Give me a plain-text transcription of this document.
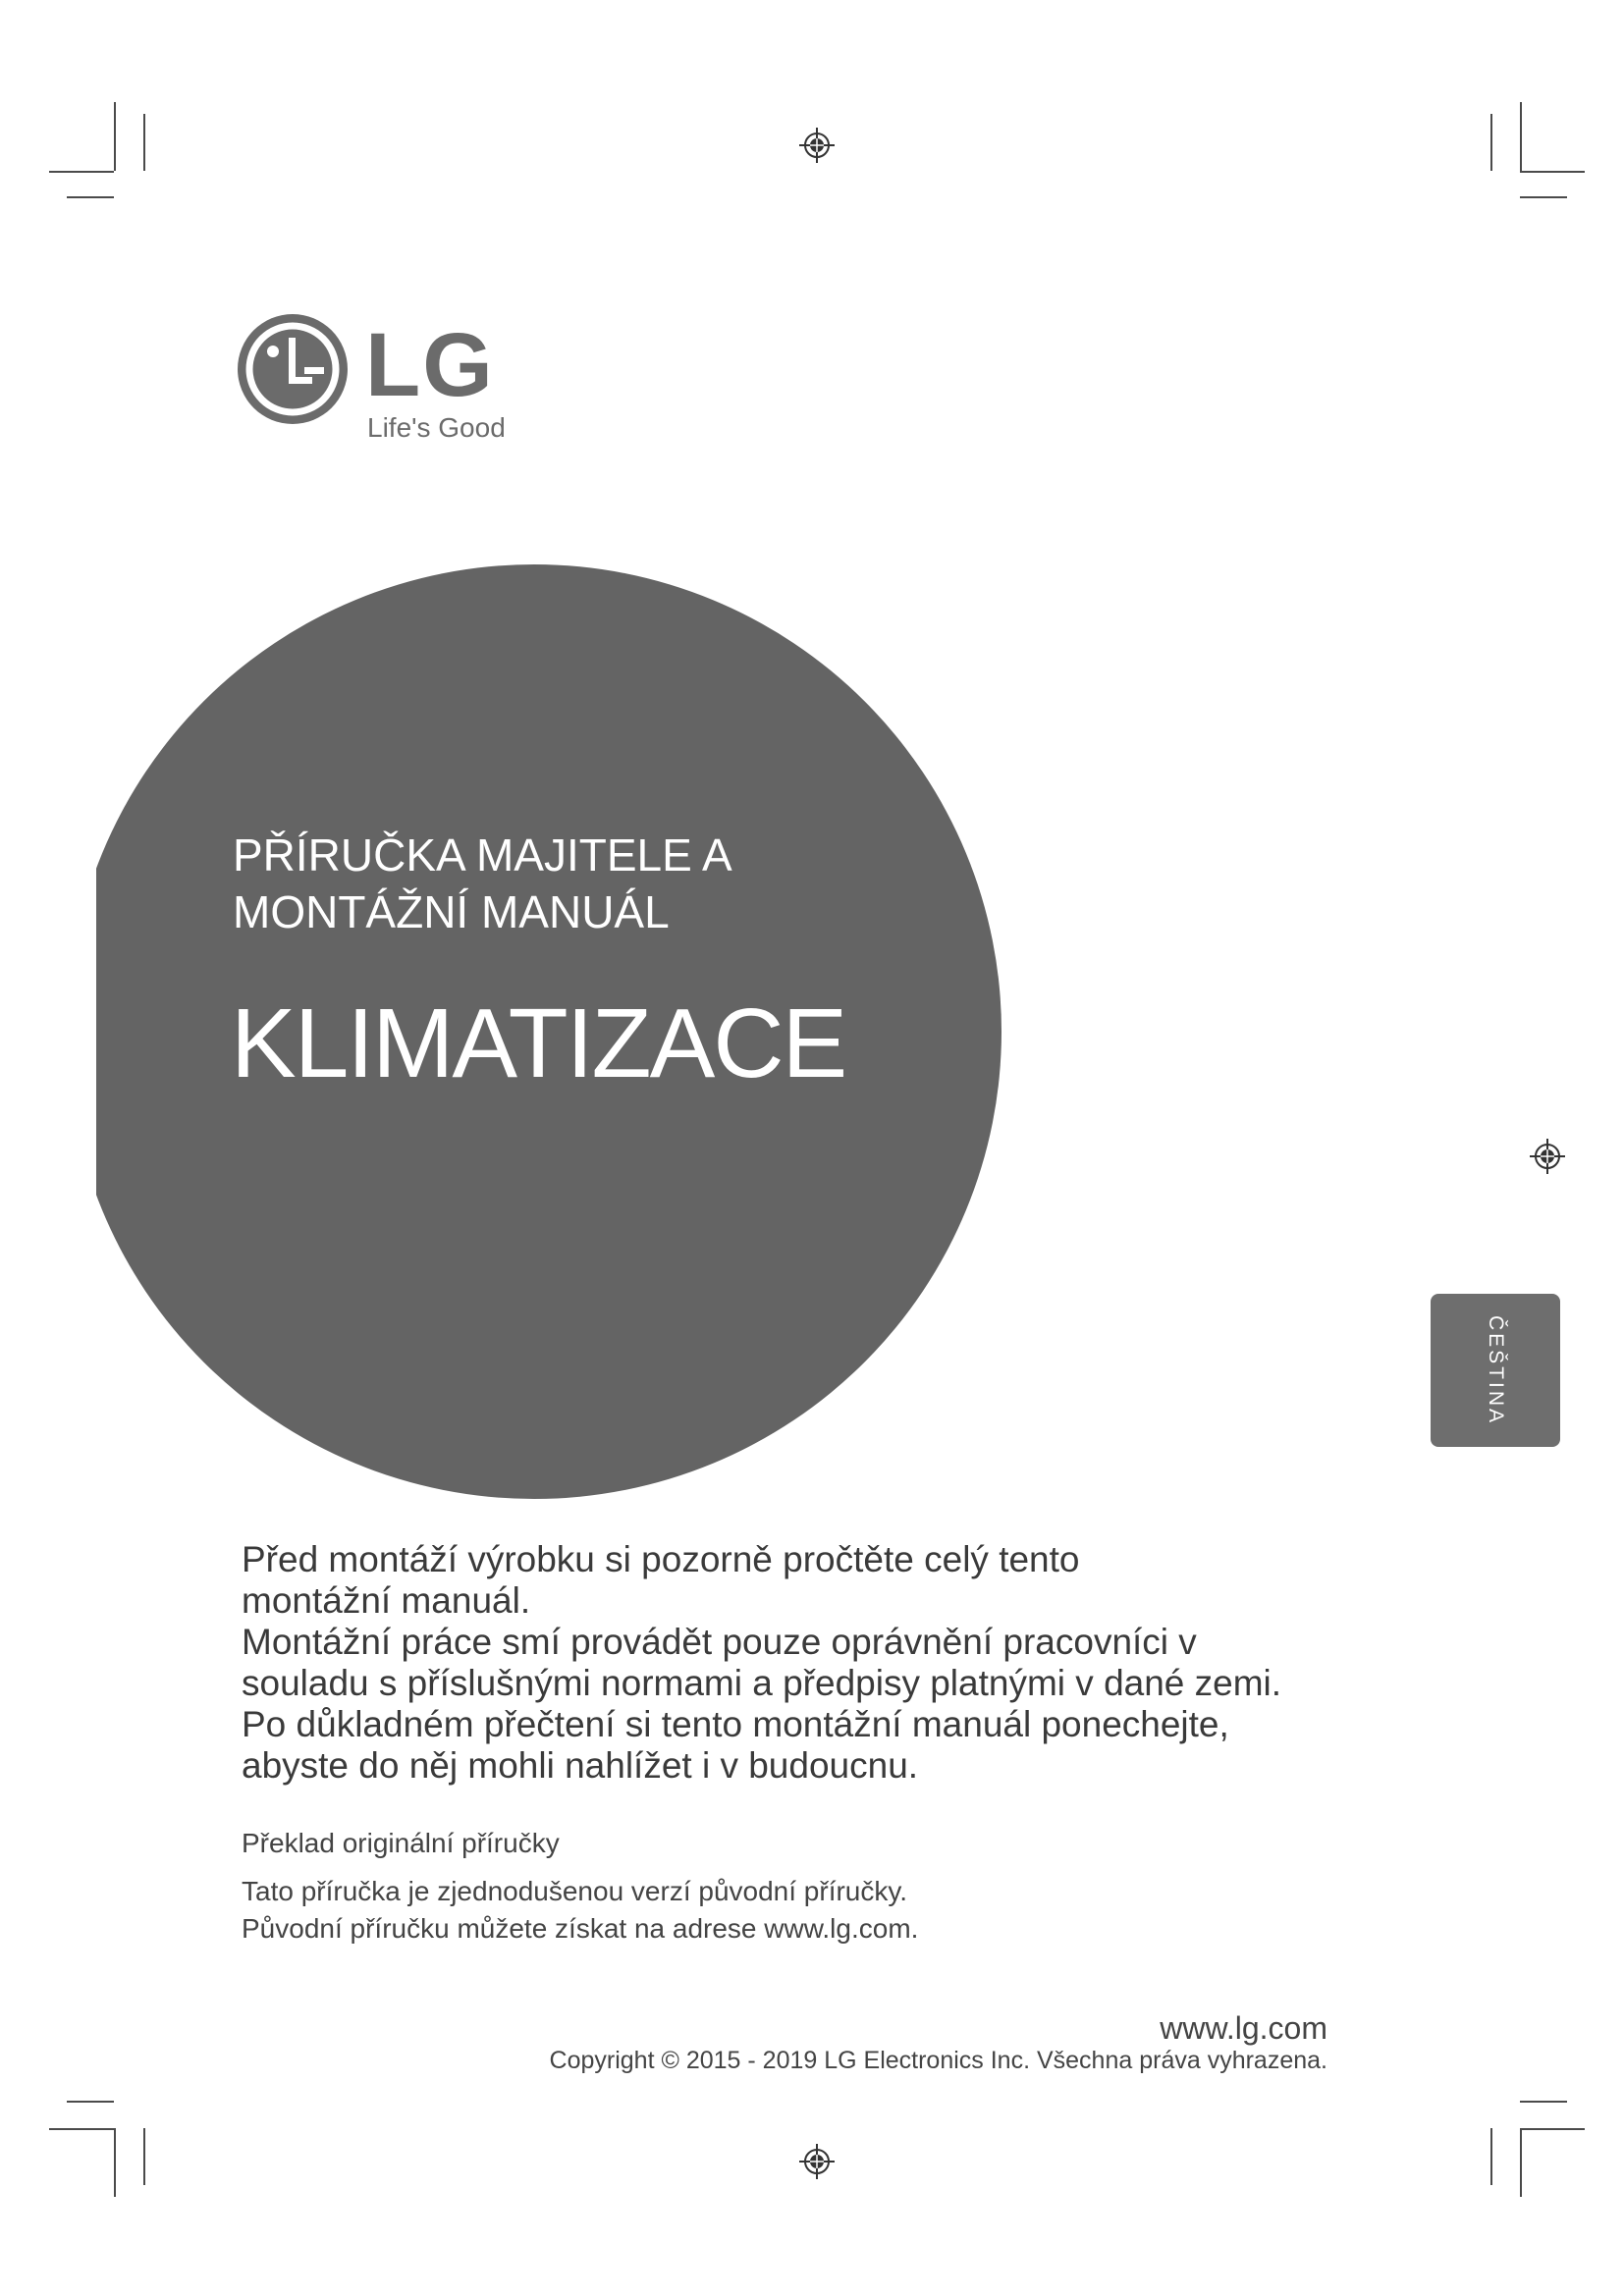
LG
Life's Good
PŘÍRUČKA MAJITELE A
MONTÁŽNÍ MANUÁL
KLIMATIZACE
ČEŠTINA

Před montáží výrobku si pozorně pročtěte celý tento montážní manuál.

Montážní práce smí provádět pouze oprávnění pracovníci v souladu s příslušnými normami a předpisy platnými v dané zemi.

Po důkladném přečtení si tento montážní manuál ponechejte, abyste do něj mohli nahlížet i v budoucnu.

Překlad originální příručky
Tato příručka je zjednodušenou verzí původní příručky.
Původní příručku můžete získat na adrese www.lg.com.
www.lg.com
Copyright © 2015 - 2019 LG Electronics Inc. Všechna práva vyhrazena.
